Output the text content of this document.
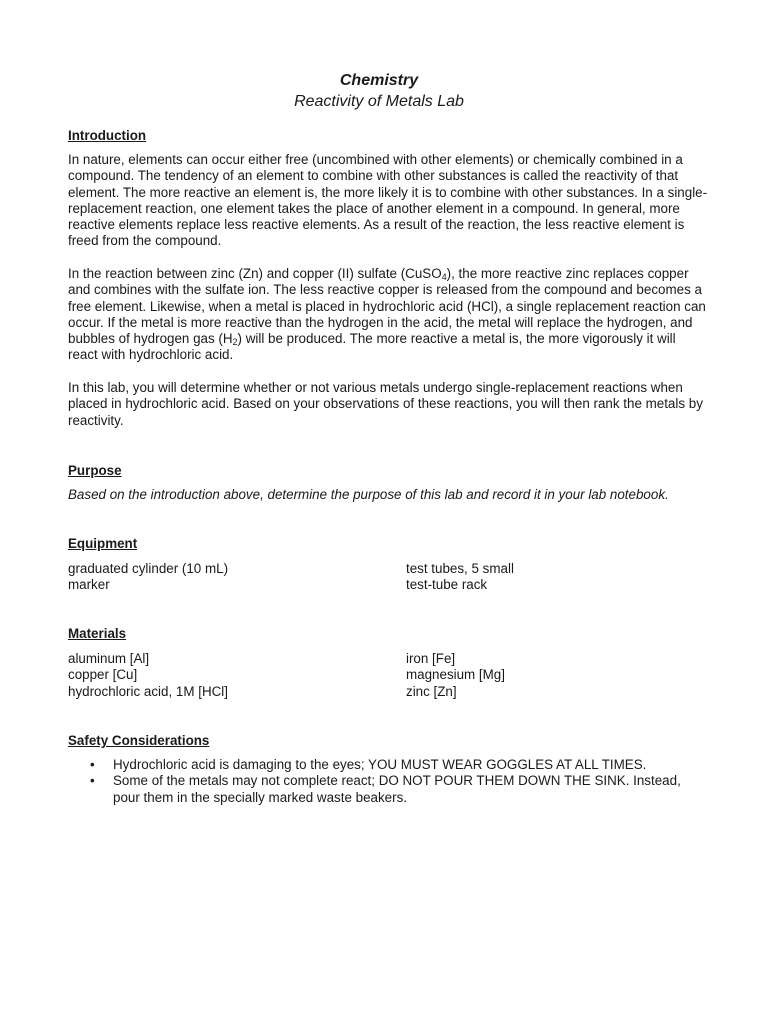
Chemistry
Reactivity of Metals Lab
Introduction
In nature, elements can occur either free (uncombined with other elements) or chemically combined in a compound. The tendency of an element to combine with other substances is called the reactivity of that element. The more reactive an element is, the more likely it is to combine with other substances. In a single-replacement reaction, one element takes the place of another element in a compound. In general, more reactive elements replace less reactive elements. As a result of the reaction, the less reactive element is freed from the compound.
In the reaction between zinc (Zn) and copper (II) sulfate (CuSO$_4$), the more reactive zinc replaces copper and combines with the sulfate ion. The less reactive copper is released from the compound and becomes a free element. Likewise, when a metal is placed in hydrochloric acid (HCl), a single replacement reaction can occur. If the metal is more reactive than the hydrogen in the acid, the metal will replace the hydrogen, and bubbles of hydrogen gas $(H_2)$ will be produced. The more reactive a metal is, the more vigorously it will react with hydrochloric acid.
In this lab, you will determine whether or not various metals undergo single-replacement reactions when placed in hydrochloric acid. Based on your observations of these reactions, you will then rank the metals by reactivity.
Purpose
Based on the introduction above, determine the purpose of this lab and record it in your lab notebook.
Equipment
graduated cylinder (10 mL)
marker
test tubes, 5 small
test-tube rack
Materials
aluminum [Al]
copper [Cu]
hydrochloric acid, 1M [HCl]
iron [Fe]
magnesium [Mg]
zinc [Zn]
Safety Considerations
• Hydrochloric acid is damaging to the eyes; YOU MUST WEAR GOGGLES AT ALL TIMES.
• Some of the metals may not complete react; DO NOT POUR THEM DOWN THE SINK. Instead, pour them in the specially marked waste beakers.
